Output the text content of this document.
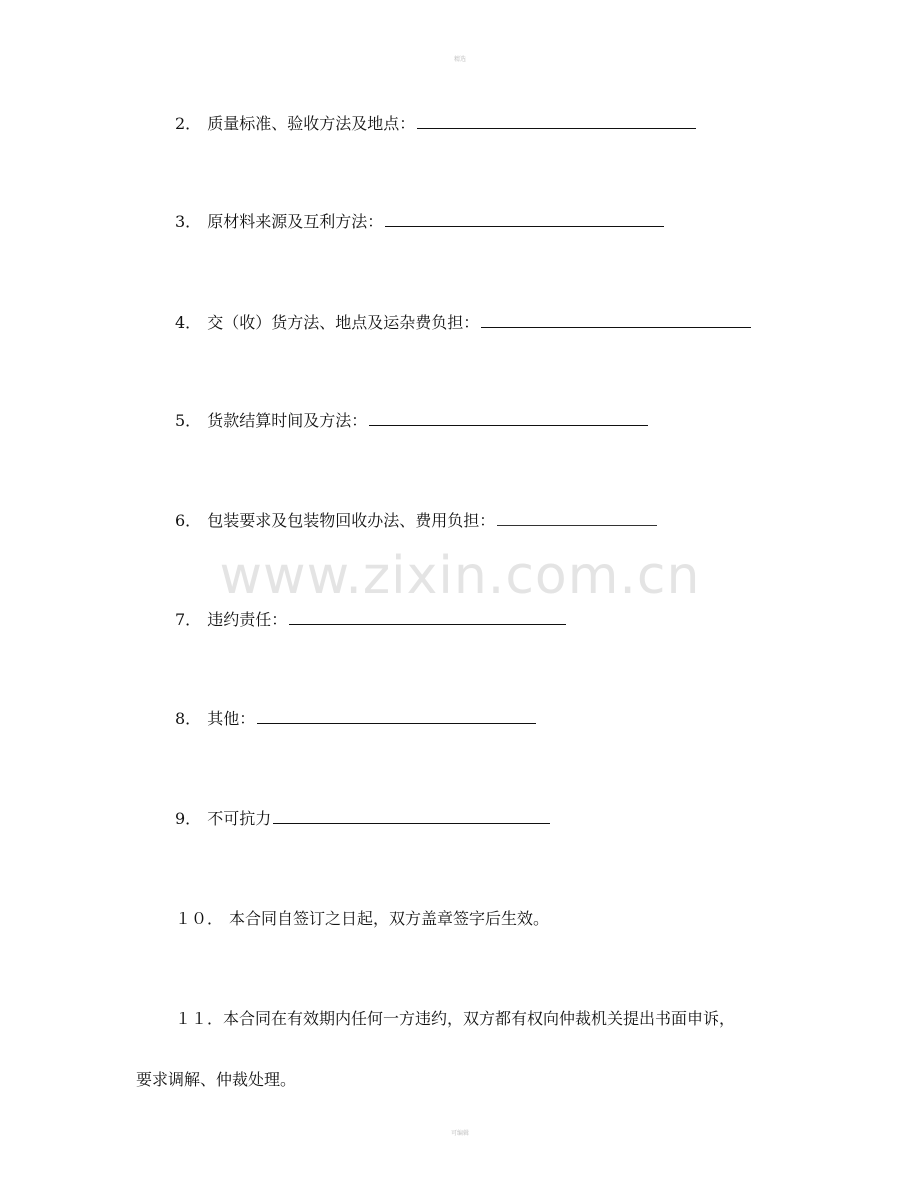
精选
www.zixin.com.cn
2． 质量标准、验收方法及地点：
3． 原材料来源及互利方法：
4． 交（收）货方法、地点及运杂费负担：
5． 货款结算时间及方法：
6． 包装要求及包装物回收办法、费用负担：
7． 违约责任：
8． 其他：
9． 不可抗力
１０． 本合同自签订之日起，双方盖章签字后生效。
１１．本合同在有效期内任何一方违约，双方都有权向仲裁机关提出书面申诉，
要求调解、仲裁处理。
可编辑
